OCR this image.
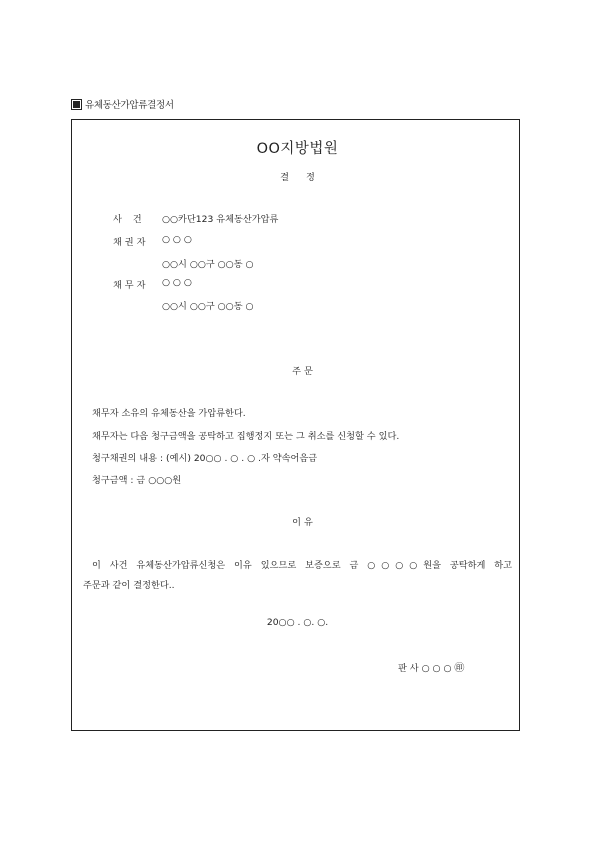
유체동산가압류결정서
OO지방법원
결 정
사 건 ○○카단123 유체동산가압류
채 권 자 ○ ○ ○
○○시 ○○구 ○○동 ○
채 무 자 ○ ○ ○
○○시 ○○구 ○○동 ○
주 문
채무자 소유의 유체동산을 가압류한다.
채무자는 다음 청구금액을 공탁하고 집행정지 또는 그 취소를 신청할 수 있다.
청구채권의 내용 : (예시) 20○○ . ○ . ○ .자 약속어음금
청구금액 : 금 ○○○원
이 유
이 사건 유체동산가압류신청은 이유 있으므로 보증으로 금 ○○○○원을 공탁하게 하고
주문과 같이 결정한다..
20○○ . ○. ○.
판 사 ○ ○ ○ ㊞
